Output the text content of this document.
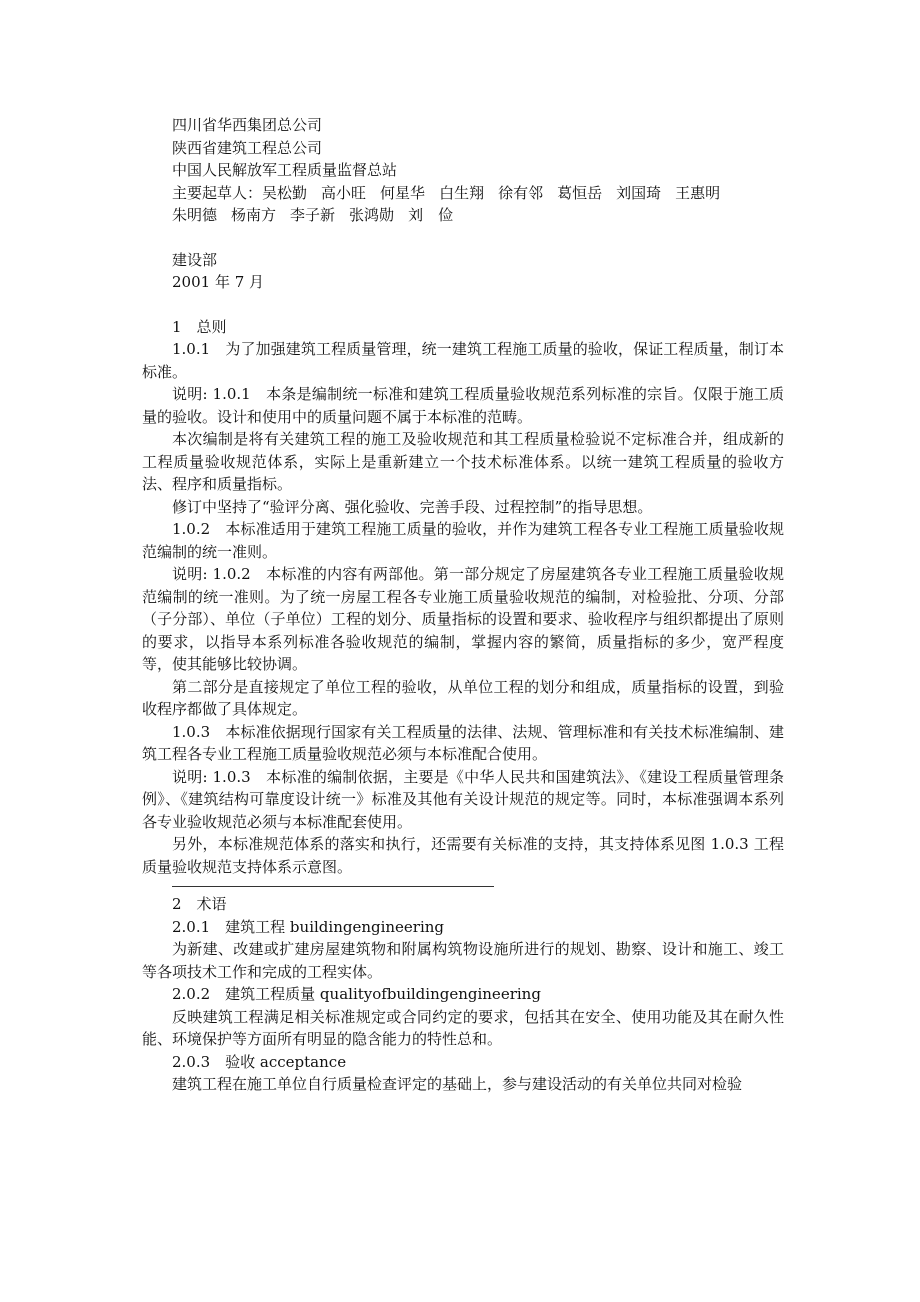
四川省华西集团总公司
陕西省建筑工程总公司
中国人民解放军工程质量监督总站
主要起草人：吴松勤 高小旺 何星华 白生翔 徐有邻 葛恒岳 刘国琦 王惠明
朱明德 杨南方 李子新 张鸿勋 刘　俭
建设部
2001 年 7 月
1　总则

1.0.1　为了加强建筑工程质量管理，统一建筑工程施工质量的验收，保证工程质量，制订本标准。

说明: 1.0.1　本条是编制统一标准和建筑工程质量验收规范系列标准的宗旨。仅限于施工质量的验收。设计和使用中的质量问题不属于本标准的范畴。

本次编制是将有关建筑工程的施工及验收规范和其工程质量检验说不定标准合并，组成新的工程质量验收规范体系，实际上是重新建立一个技术标准体系。以统一建筑工程质量的验收方法、程序和质量指标。

修订中坚持了“验评分离、强化验收、完善手段、过程控制”的指导思想。

1.0.2　本标准适用于建筑工程施工质量的验收，并作为建筑工程各专业工程施工质量验收规范编制的统一准则。

说明: 1.0.2　本标准的内容有两部他。第一部分规定了房屋建筑各专业工程施工质量验收规范编制的统一准则。为了统一房屋工程各专业施工质量验收规范的编制，对检验批、分项、分部（子分部）、单位（子单位）工程的划分、质量指标的设置和要求、验收程序与组织都提出了原则的要求，以指导本系列标准各验收规范的编制，掌握内容的繁简，质量指标的多少，宽严程度等，使其能够比较协调。

第二部分是直接规定了单位工程的验收，从单位工程的划分和组成，质量指标的设置，到验收程序都做了具体规定。

1.0.3　本标准依据现行国家有关工程质量的法律、法规、管理标准和有关技术标准编制、建筑工程各专业工程施工质量验收规范必须与本标准配合使用。

说明: 1.0.3　本标准的编制依据，主要是《中华人民共和国建筑法》、《建设工程质量管理条例》、《建筑结构可靠度设计统一》标准及其他有关设计规范的规定等。同时，本标准强调本系列各专业验收规范必须与本标准配套使用。

另外，本标准规范体系的落实和执行，还需要有关标准的支持，其支持体系见图 1.0.3 工程质量验收规范支持体系示意图。

2　术语
2.0.1　建筑工程 buildingengineering

为新建、改建或扩建房屋建筑物和附属构筑物设施所进行的规划、勘察、设计和施工、竣工等各项技术工作和完成的工程实体。

2.0.2　建筑工程质量 qualityofbuildingengineering

反映建筑工程满足相关标准规定或合同约定的要求，包括其在安全、使用功能及其在耐久性能、环境保护等方面所有明显的隐含能力的特性总和。

2.0.3　验收 acceptance

建筑工程在施工单位自行质量检查评定的基础上，参与建设活动的有关单位共同对检验
